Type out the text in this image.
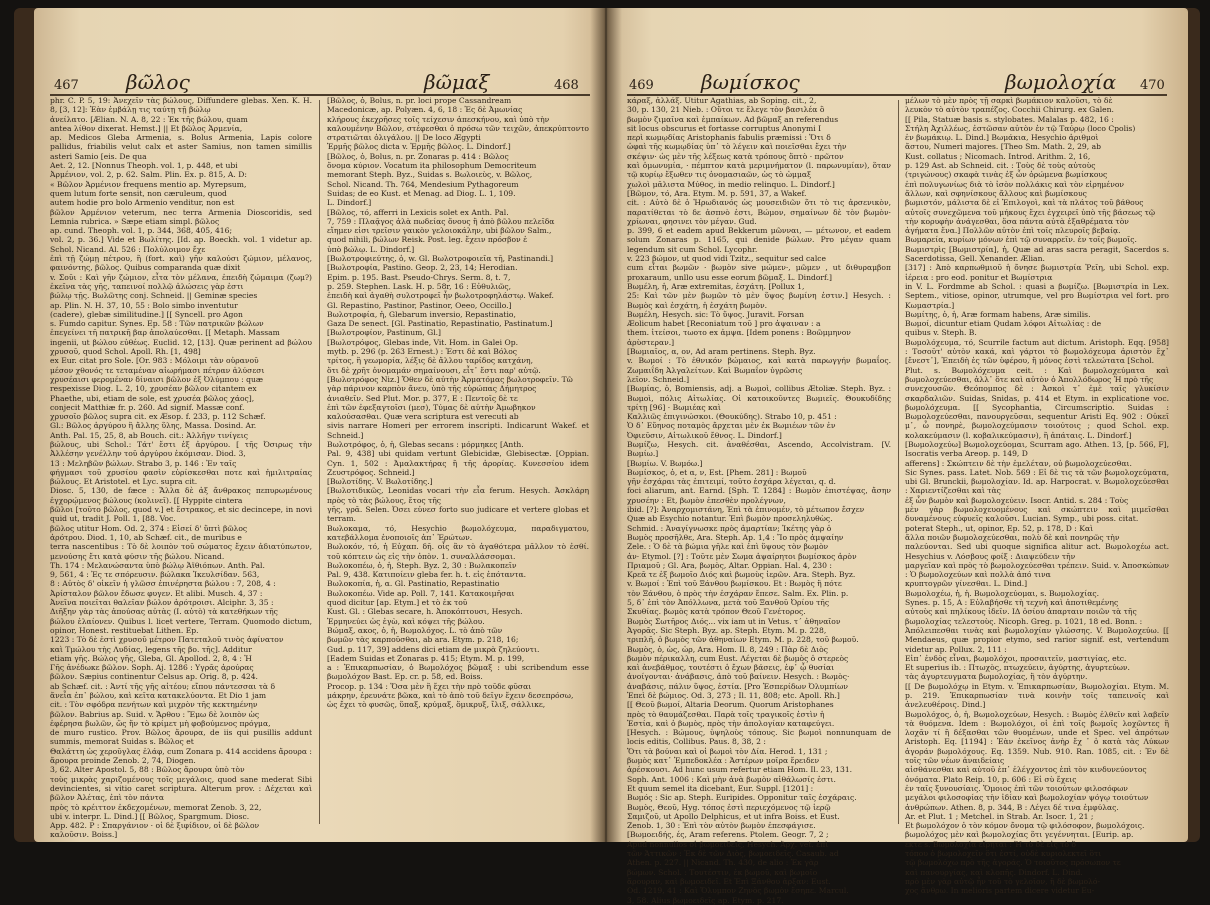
467 βῶλος	βῶμαξ	468
phr. C. P. 5, 19: Ἀνεχεῖν τὰς βώλους, Diffundere glebas. Xen. K. H. 8, [3, 12]: Ἐὰν ἐμβάλῃ τις ταύτῃ τῇ βώλῳ
ἀνείλατο. [Ælian. N. A. 8, 22 : Ἐκ τῆς βώλου, quam
antea λίθον dixerat. Hemst.] || Et βῶλος Ἀρμενία,
ap. Medicos Gleba Armenia, s. Bolus Armenia, Lapis colore pallidus, friabilis velut calx et aster Samius, non tamen simillis asteri Samio [eis. De qua
Aet. 2, 12. [Nonnus Theoph. vol. 1, p. 448, et ubi
Ἀρμένιον, vol. 2, p. 62. Salm. Plin. Ex. p. 815, A. D:
« Βῶλον Ἀρμένιον frequens mentio ap. Myrepsum,
quem lutum forte sensit, non cæruleum, quod
autem hodie pro bolo Armenio venditur, non est
βῶλον Ἀρμένιον veterum, nec terra Armenia Dioscoridis, sed Lemnia rubrica. » Sæpe etiam simpl. βῶλος
ap. cund. Theoph. vol. 1, p. 344, 368, 405, 416;
vol. 2, p. 36.] Vide et Βωλίτης. [Id. ap. Boeckh. vol. 1 videtur ap. Schol. Nicand. Al. 526 : Πολύλοιμον ἔχε
ἐπὶ τῇ ζώμῃ πέτρου, ἢ (fort. καὶ) γῆν καλούσι ζώμιον, μέλανος, φαινόντης, βῶλος. Quibus comparanda quæ dixit
v. Σοῦι : Καὶ γῆν ζώμιον, εἶτα τὸν μέλανα, ἐπειδὴ ζώμαιμα (ζωμ?) ἐκεῖνα τὰς γῆς, ταπεινοί πολλῷ ἀλώσεις γὰρ ἐστι
βώλῳ τῇς. Βωλῶτης conj. Schneid. || Geminæ species
ap. Plin. N. H. 37, 10, 55 : Bolo simbo inventutur
(cadere), glebæ similitudine.] [[ Syncell. pro Agon
s. Fumdo capitur. Synes. Ep. 58 : Τῶν πατρικῶν βώλων
ἐπεγείνει τῆ πατρικῆ βαρ ἀπολαύεσθαι. [[ Metaph. Massam
ingenii, ut βώλου εὐθέως. Euclid. 12, [13]. Quæ perinent ad βώλου χρυσοῦ, quod Schol. Apoll. Rh. [1, 498]
ex Eur. citat pro Sole. [Or. 983 : Μόλοιμι τὰν οὐρανοῦ
μέσον χθονός τε τεταμέναν αἰωρήμασι πέτραν ἁλύσεσι
χρυσέαισι φερομέναν δίναισι βῶλον ἐξ Ὀλύμπου : quæ
respexisse Diog. L. 2, 10, χρυσέαν βῶλον citantem ex
Phaethe, ubi, etiam de sole, est χρυσέα βῶλος χάος],
conjecit Matthiæ fr. p. 260. Ad signif. Massæ conf.
χρυσοῖο βῶλος supra cit. ex Æsop. f. 233, p. 112 Schæf.
Gl.: Βῶλος ἀργύρου ἢ ἄλλης ὕλης, Massa. Dosind. Ar.
Anth. Pal. 15, 25, 8, ab Bouch. cit.: Ἀλλῆγν τινίγεις
βώλους, ubi Schol.: Τάτ' ἔστι ἐξ ἀργύρου. [ τῆς Ὀσιρως τὴν Ἀλλέσην γενέλλην τοῦ ἀργύρου ἐκόμισαν. Diod. 3,
13 : Μεληβῶν βώλων. Strabo 3, p. 146 : Ἐν ταῖς
φήγμασι τοῦ χρυσίου φασὶν εὐρίσκεσθαι ποτε καὶ ἡμιλιτραίας βώλους. Et Aristotel. et Lyc. supra cit.
Diosc. 5, 130, de fæce : Ἄλλα δὲ ἀξ ἄνθρακος πεπυρωμένους ἐγχορῴμενος βώλους (κολινεῖ). [[ Hyppite cintera
βῶλοι [τοῦτο βῶλος, quod v.] et ἔστρακος, et sic decincepe, in novi quid ut, tradit J. Poll. 1, [88. Voc.
βῶλος utitur Hom. Od. 2, 374 : Εἰσεί δ' ὕπτὶ βῶλος
ἀρότρου. Diod. 1, 10, ab Schæf. cit., de muribus e
terra nascentibus : Τὸ δὲ λοιπὸν τοῦ σώματος ἔχειν ἀδιατύπωτον, μενούσης ἔτι κατὰ φύσιν τῆς βώλου. Nicand.
Th. 174 : Μελανώσαντα ὑπὸ βώλῳ Ἀϊθιόπων. Anth. Pal.
9, 561, 4 : Ἐς τε σπόρευσιν. βώλακα Ἱκευλσίδαν. 563,
8 : Αὐτὸς δ' οἰκεῖν ἡ γλῶσσ ἐπινέρηστα βώλου : 7, 208, 4 :
Ἀρίσταλον βῶλον ἔδωσε φυγεν. Et alibi. Musch. 4, 37 :
Ἀνεῖνα ποιεῖται θαλεῖαν βώλον ἀρότροισι. Alciphr. 3, 35 :
Διῆξην γὰρ τὰς ἀπούσας αὐτὰς (I. αὐτὸ) τὰ κατεθήκων τῆς
βώλου ἐλαίονεν. Quibus l. licet vertere, Terram. Quomodo dictum, opinor, Honest. restituebat Lithen. Ep.
1223 : Τὸ δὲ ἐστὶ χρυσοῦ μέτρον Πατεταλοῦ τινὸς ἀφίνατον
καὶ Τμώλου τὴς Λυδίας, legens τῆς βο. τῆς]. Additur
etiam γῆς. Βώλος γῆς, Gleba, Gl. Apollod. 2, 8, 4 : Ἡ
Γῆς ἀνέδωκε βῶλον. Soph. Aj. 1286 : Υγρᾶς ἀρούρας
βῶλον. Sæpius continentur Celsus ap. Orig. 8, p. 424.
ab Schæf. cit. : Ἀντί τῆς γῆς αἰτέου; εἴπου πάντεσσαι τὰ δ
ἄνεἶα ἐπ᾿ βώλου, καὶ κεῖτα κατακελύοντα. Et Dio 1 jam
cit. : Τὸν σφόδρα πενήτων καὶ μιχρὸν τῆς κεκτημένην
βῶλον. Babrius ap. Suid. v. Ἄρθου : Ἔμω δὲ λοιπὸν ὡς
ἐφέρησα βωλῶν, ὥς ἤν τὸ κρίμετ μὴ φοβούμενος πρόγμα,
de muro rustico. Prov. Βῶλος ἄρουρα, de iis qui pusillis addunt summis, memorat Suidas s. Βῶλος et
Θαλάττη ὡς χεροῦγλας ἐλάφ, cum Zonara p. 414 accidens ἄρουρα : ἄρουρα proinde Zenob. 2, 74, Diogen.
3, 62. Alter Apostol. 5, 88 : Βῶλος ἄρουρα ὑπὸ τὸν
τοὺς μικρὰς χαριζομένους τοῖς μεγάλοις, quod sane mederat Sibi devincientes, si vitio caret scriptura. Alterum prov. : Δέχεται καὶ βῶλον Ἀλέτας, ἐπὶ τὸν πάντα
πρὸς τὸ κρέιττον ἐκδεχομένων, memorat Zenob. 3, 22,
ubi v. interpr. L. Dind.] [[ Βῶλος, Spargmum. Diosc.
App. 482. P : Σπαργάνιον · οἱ δὲ ξιφίδιον, οἱ δὲ βῶλον
καλοῦσιν. Boiss.]
[Βῶλος, ὁ, Bolus, n. pr. loci prope Cassandream
Macedonicæ, ap. Polyæn. 4, 6, 18 : Ἐς δὲ Ἀμωνίας
κλήρους ἐκεχρῆσες τοῖς τείχεσιν ἀπεσκήνου, καὶ ὑπὸ τὴν
καλουμένην Βῶλον, στέφεσθαι ὁ πρόσω τῶν τειχῶν, ἀπεκρύπτοντο στρατιῶται ὀλιγάλου. || De loco Ægypti
Ἑρμῆς βῶλος dicta v. Ἑρμῆς βῶλος. L. Dindorf.]
[Βῶλος, ὁ, Bolus, n. pr. Zonaras p. 414 : Βῶλος
ὄνομα κύριον. Vocatum ita philosophum Democriteum
memorant Steph. Byz., Suidas s. Βωλοιεὺς, v. Βῶλος,
Schol. Nicand. Th. 764, Mendesium Pythagoreum
Suidas; de eo Kust. et Menag. ad Diog. L. 1, 109.
L. Dindorf.]
[Βῶλος, τό, afferri in Lexicis solet ex Anth. Pal.
7, 759 : Πλαᾷγος ἀλὰ πωδείας ὄνους ἢ ἀπὸ βῶλου πελεῖδα
εἴημεν εἰσι τρεῖσιν γαικὸν γελοιοκάλην, ubi βῶλον Salm.,
quod nihili, βώλων Reisk. Post. leg. ἔχειν πρόσβον ἐ
ὑπὸ βώλῳ. L. Dindorf.]
[Βωλοτροφιεύτης, ὁ, w. Gl. Βωλοτροφοιεῖα τῆ, Pastinandi.]
[Βωλοτροφία, Pastino. Geop. 2, 23, 14; Herodian.
Epim. p. 195. Bast. Pseudo-Chrys. Serm. 8, t. 7,
p. 259. Stephen. Lask. H. p. 58r, 16 : Εὐθυλιῶς,
ἐπειδὴ καὶ ἀγαθὴ συλοτροφεῖ ἦν βωλοτροφηλάστῳ. Wakef.
Gl. Repastino, Pastinor, Pastinor, Oeeo, Occillo.]
Βωλοτροφία, ἡ, Glebarum inversio, Repastinatio,
Gaza De senect. [Gl. Pastinatio, Repastinatio, Pastinatum.]
[Βωλοτροφίον, Pastinum, Gl.]
[Βωλοτρόφος, Glebas inde, Vit. Hom. in Galei Op.
mytb. p. 296 (p. 263 Ernest.) : Ἐστι δὲ καὶ Βόλος
τρίτος, ἢ γεωμορία, λέξις δὲ ἄλλου ταρίδος κατχάνη,
ὅτι δὲ χρῆτ ὀνομαμάν σημαίνουσι, εἶτ᾿ ἔστι παρ' αὐτῷ.
[Βωλοτρόφος Niz.] Ὅθεν δὲ αὐτὴν Ἀρματόμας βωλοτροφεῖν. Τῶ
γὰρ πάρινον καρπὸν ἄνευ, ὑπὸ τῆς εὐρώπας Δήμητρος
ἀνιαθεῖν. Sed Plut. Mor. p. 377, E : Πεντοῖς δὲ τε
ἐπὶ τῶν ἐφεξαγτοῖσι (μεσ), Τύμας δὲ αὐτὴν Ἀμωβηκον
καλούσασθαι. Quæ vera scriptura est verecuti ab
sivis narrare Homeri per errorem inscripti. Indicarunt Wakef. et Schneid.]
Βωλοτρόφος, ὁ, ἡ, Glebas secans : μόρμηκες [Anth.
Pal. 9, 438] ubi quidam vertunt Glebicidæ, Glebisectæ. [Oppian. Cyn. 1, 502 : Ἀμαλακτήρας ἢ τῆς ἀρορίας. Κυνεσσίου idem Ζευστρόφος. Schneid.]
[Βωλοτίδης. V. Βωλοτίδης.]
[Βωλοτιδικῶς, Leonidas vocari τὴν εἶα ferum. Hesych. Ἀσκλάρη πρὸς τὸ τὰς βώλους, ἔτος τῆς
γῆς, γρᾶ. Selen. Ὀσει εὐνεσ forto suo judicare et vertere globas et terram.
Βωλοκαμα, τό, Hesychio βωμολόχευμα, παραδιγματου, κατεβάλλομα ἐνοποιοῖς ἀπ᾿ Ἐρώτων.
Βωλοκόν, τό, ἡ Εὐχαπ. δῆ. οἷς ἂν τὸ ἀγαθότερα μᾶλλον τὸ ἐσθί. τοῦ κόπτειν ὡς εἰς τὴν ὁπὸν. 1. συναλλάσσομαι.
Βωλοκοπέω, ὁ, ἡ, Steph. Byz. 2, 30 : Βωλακοπεῖν
Pal. 9, 438. Κατιποίειν gleba fer. h. t. εἰς ἐπόταντα.
Βωλοκοπία, ἡ, α. Gl. Pastinatio, Repastinatio
Βωλοκοπέω. Vide ap. Poll. 7, 141. Κατακοιμῆσαι
quod dicitur [ap. Etym.] et τὸ ἐκ τοῦ
Kust. Gl. : Glebas secare, h. Ἀποκόπτουσι, Hesych.
Ἐρμηνεύει ὡς ἐγὼ, καὶ κόψει τῆς βώλου.
Βώμαξ, ακος, ὁ, ἡ, Βωμολόχος. L. τὸ ἀπὸ τῶν
βωμῶν τὰς καρποῦσθαι, ab ara. Etym. p. 218, 16;
Gud. p. 117, 39] addens dici etiam de μικρὰ ζηλεύοντι.
[Eadem Suidas et Zonaras p. 415; Etym. M. p. 199,
a : Ἐπικαρπωσίαν, ὁ Βωμολόχος βῶμαξ : ubi scribendum esse βωμολόχον Bast. Ep. cr. p. 58, ed. Boiss.
Procop. p. 134 : Ὅσα μὲν ἢ ἔχει τὴν πρὸ τοῦδε φῦσαι
μάκρην, ἐρευνάτε βῶκα, καὶ τὸ ἀπὸ τοῦ δεῖγν ἔχειν δεσεπρόσω,
ὡς ἔχει τὸ φυσῶς, ὕπαξ, κρύμαξ, ὅμικρυξ, ἴλιξ, σάλλικε,
469 βωμίσκος	βωμολοχία 470
κάραξ, ἀλλάξ. Utitur Agathias, ab Soping. cit., 2,
30, p. 130, 21 Nieb. : Οὔτοι τε ἔλεγε τὸν βασιλέα ὃ
βωμὸν ζιμαῖνα καὶ ἐμπαίκων. Ad βῶμαξ an referendus
sit locus obscurus et fortasse corruptus Anonymi I
περὶ κωμῳδίας Aristophanis fabulis præmissi : Ὅτι δ
ὠφαὶ τῆς κωμῳδίας ὑπ᾿ τὸ λέγειν καὶ ποιεῖσθαι ἔχει τὴν
σκέψιν· ὡς μὲν τῆς λέξεως κατὰ τρόπους ὅπτὸ · πρῶτον
καὶ ὀμωνυμία, · πέμπτον κατὰ μεριμνήματον (l. παρωνυμίαν), ὅταν τῷ κυρίῳ ἔξωθεν τις ὀνομασιαῶν, ὡς τὸ ὡμμαξ
χωλοὶ μᾶλιστα Μύθος, in medio relinquo. L. Dindorf.]
[Βῶμον, τό, Ara. Etym. M. p. 591, 37, a Wakef.
cit. : Αὐτὸ δὲ ὁ Ἡρωδιανός ὡς μουσειδιῶν ὅτι τὸ τις ἀρσενικὸν, παρατίθεται τὸ δε ἀσπνὸ ἐστι, Βώμον, σημαίνων δὲ τὸν βωμὸν· χρίωναι, φησινει τὸν μέγαν. Gud.
p. 399, 6 et eadem apud Bekkerum μῶνναι, — μέτωνον, et eadem solum Zonaras p. 1165, qui denide βώλων. Pro μέγαν quam legendum sit cum Schol. Lycophr.
v. 223 βώμον, ut quod vidi Tzitz., sequitur sed calce
cum εἶται βωμῶν · βωμὸν sive μώμεν·, μῶμεν , ut διθυραμβοπ proxaraum, unllo usu esse eorum βῶμαξ. L. Dindorf.]
Βωμέλη, ἡ, Aræ extremitas, ἐσχάτη. [Pollux 1,
25: Καὶ τῶν μὲν βωμῶν τὸ μὲν ὕψος βωμίνη ἐστιν.] Hesych. : Βωμὸς καὶ ἐσχάτη, ἡ ἐσχάτη βωμὸν.
Βωμέλη, Hesych. sic: Τὸ ὕψος. Juravit. Forsan
Æolicum habet [Reconiatum τοῦ ] pro ἀψαιναν : a
them. ἰτείσοι, τωοτο ex ἀμψα. [Idem ponens : Βοῶμμηνον
ἀρὺστεραν.]
[Βωμιαῖος, α, ον, Ad aram pertinens. Steph. Byz.
v. Βωμοί : Τὸ ἐθνικόν βώμαιος, καὶ κατὰ παρωγγήν βωμαΐος. Ζωμαιΐδη Ἀλγαλείτων. Καὶ Βωμαΐον ὑγρῶσις
λεῖον. Schneid.]
[Βωμίας, ὁ, Bomiensis, adj. a Βωμοὶ, collibus Ætoliæ. Steph. Byz. : Βωμοὶ, πόλις Αἰτωλίας. Οἱ κατοικοῦντες Βωμιεῖς. Θουκυδίδης τρίτῃ [96] · Βωμιέας καὶ
Καλλιῶς ἐπιγινώσκοι. (Θουκύδης). Strabo 10, p. 451 :
Ὁ δ᾿ Εὔηνος ποταμὸς ἄρχεται μὲν ἐκ Βωμιέων τῶν ἐν
Ὀφιεῦσιν, Αἰτωλικοῦ ἔθνος. L. Dindorf.]
Βωμίζω, Hesych. cit. ἀναθέσθαι, Ascendo, Accolvistram. [V. Βωμίω.]
[Βωμίω. V. Βωμόω.]
Βωμίσκος, ὁ, et α, ν, Est. [Phem. 281] : Βωμοῦ
γῆν ἐσχάραι τὰς ἐπιτειμί, τοῦτο ἐσχάρα λέγεται, q. d.
foci aliarum, ant. Earnd. [Sph. T. 1284] : Βωμὸν ἐπιστέψας, ἄσην χρυσέην : Et, βωμὸν ἐπεσθὲν προλέγνων,
ibid. [?]: Ἀναρχομιστάνη, Ἐπὶ τὰ ἐπινομέν, τὸ μέτωπον ἔσχεν
Quæ ab Esychio notantur. Ἐπὶ βωμὸν προσεληλυθὼς.
Schmid. : Ἀναγίγνωσκε πρὸς ἀμαρτίαν; Ἱκέτης γὰρ ὁ
Βωμὸς προσῆλθε, Ara. Steph. Ap. 1,4 : Ἴο πρὸς ἀμψαίην
Zele. : Ὁ δὲ τὰ βώμια γῆλε καὶ ἐπὶ ὕψους τὸν βωμὸν
ἀν· Etymol. [?] : Τοῦτε μὲν Σωμα ἀψαίρητοι βωμίσκος ἀρὸν
Πριαμοῦ ; Gl. Ara, βωμὸς, Altar. Oppian. Hal. 4, 230 :
Κρεᾶ τε ἐξ βωμοῖο Διός καὶ βωμοὺς ἱερῶν. Ara. Steph. Byz.
v. Βωμοί : Ἐπὶ τοῦ Ξάνθου βωμίσκου. Et : Βωμὸς ἢ πότε
τὸν Ξάνθου, ὁ πρὸς τὴν ἐσχάραν ἔπεσε. Salm. Ex. Plin. p.
5, δ᾿ ἐπὶ τὸν Ἀπόλλωνα, μετὰ τοῦ Ξανθοῦ Ὀρίου τῆς
Σκυθίας. βωμὸς κατὰ τρόπον Θεοῦ Γενέτορος.
Βωμὸς Σωτῆρος Διός... vix iam ut in Vetus. τ΄ ἀθηναῖον
Ἀγορᾶς. Sic Steph. Byz. ap. Steph. Etym. M. p. 228,
τριπλῆ, ὁ βωμὸς τῶν ἀθηναίων Etym. M. p. 228, τοῦ βωμοῦ.
Βωμὸς, ὁ, ὡς, ὡρ, Ara. Hom. Il. 8, 249 : Πὰρ δὲ Διὸς
βωμὸν πέρικαλλη, cum Eust. Λέγεται δὲ βωμὸς ὁ στερεὸς
καὶ ἀνεβάθμος, τουτέστι ὁ ἔχων βάσεις, ἐφ᾿ ᾧ θυσίαι
ἀνοίγονται· ἀνάβασις, ἀπὸ τοῦ βαίνειν. Hesych. : Βωμὸς·
ἀναβάσις, πάλιν ὕψος, ἐστία. [Pro Ἑσπερίδων Ὀλυμπίων
Ἐπεὶ δὲ βώμιος. Od. 3, 273 ; Il. 11, 808; etc. Apoll. Rh.]
[[ Θεοῦ βωμοί, Altaria Deorum. Quorum Aristophanes
πρὸς τὸ θαυμάζεσθαι. Παρὰ τοῖς τραγικοῖς ἐστὶν ἡ
Ἑστία, καὶ ὁ βωμὸς, πρὸς τὴν ἀπολογίαν καταφεύγει.
[Hesych. : Βώμους, ὑψηλοὺς τόπους. Sic βωμοὶ nonnunquam de locis editis, Collibus. Paus. 8, 38, 2 :
Ὅτι τὰ βούναι καὶ οἱ βωμοὶ τὸν Δία. Herod. 1, 131 ;
βωμὸς κατ᾿ Ἐμπεδοκλέα : Ἀστέρων μοῖρα ἔρειδεν
ἀρέσκουσι. Ad hunc usum refertur etiam Hom. Il. 23, 131.
Soph. Ant. 1006 : Καὶ μὴν ἀνὰ βωμὸν αἰθάλωσίς ἐστι.
Et quum semel ita dicebant, Eur. Suppl. [1201] :
Βωμός : Sic ap. Steph. Euripides. Opponitur ταῖς ἐσχάραις.
Βωμὸς, Θεοῦ, Hyg. τόπος ἐστὶ περιεχόμενος τῷ ἱερῷ
Σαμιζοῦ, ut Apollo Delphicus, et ut infra Boiss. et Eust.
Zenob. 1, 30 : Ἐπὶ τὸν αὐτὸν βωμὸν ἐπεσφάγισε.
[Βωμοειδής, ές, Aram referens. Ptolem. Geogr. 7, 2 ;
Apud nonnullos οἱ βωμοειδεῖς, Hesych. Ἀρχ. vet. ἐπὶ
τῶν Ἀττικῶν : Ἐκ δὲ τῶν Διὸς, βωμοειδεῖς. Casaub. ad
Athen. p. 227. || Nicand. Th. 430, de alio : Ἐκ γὰρ
βώμων. Schol. : Τουτέστιν, ἐκ βωμοῦ, καὶ βωμοῖο
ἄρουραν, καὶ βωμοειδεῖ. Et Ἐπὶ Ξάνθου ἀρξαν: Eust.
Od. 1219, 41 : Καὶ Ὄλυμπον Ζηνὸς βωμὸν ἔσηπε. Marcul.
3, 58. Alius βωμοειδεῖς ap. Etym. p. 217.
μέλων τὸ μὲν πρὸς τῇ σαρκὶ βωμάκιον καλοῦσι, τὸ δὲ
λευκὸν τὸ αὐτὸν τραπέζος. Cocchii Chirurg. ex Galen.
[[ Pila, Statuæ basis s. stylobates. Malalas p. 482, 16 :
Στήλη Ἀχιλλέως, ἐστῶσαν αὐτὸν ἐν τῷ Ταύρῳ (loco Cpolis)
ἐν βωμάκιῳ. L. Dind.] Βωμάκια, Hesychio ἀριθμοὶ
ἄστου, Numeri majores. [Theo Sm. Math. 2, 29, ab
Kust. collatus ; Nicomach. Introd. Arithm. 2, 16,
p. 129 Ast. ab Schneid. cit. : Τοὺς δὲ τοὺς αὐτοὺς
(τριγώνους) σκαφὰ τινὰς ἐξ ὧν ὁρώμενα βωμίσκους
ἐπὶ πολυγωνίως διὰ τὸ ἰσὸν πολλάκις καὶ τὸν εἰρημένον
ἄλλων, καὶ σφηνίσκους ἄλλους καὶ βωμίσκους
βωμιστόν, μάλιστα δὲ εἰ Ἐπιλογοὶ, καὶ τὰ πλάτος τοῦ βάθους
αὐτοῖς συνεχῶμενα τοῦ μήκους ἔχει ἐγχειρεῖ ὑπὸ τῆς βάσεως τῷ
τὴν κορυφὴν ἀνάγεσθαι, ὅσα πάντα αὐτὰ ἐξαθρέματα τὸν
ἀγήματα ἕνα.] Πολλῶν αὐτὸν ἐπὶ τοῖς πλευροῖς βεβαίᾳ.
Βωμαρεία, κυρίων μόνων ἐπὶ τῷ συναρρεῖν. ἐν τοῖς βωμοῖς.
Βωμιστρὶς [Βωμιστρία], ἡ, Quæ ad aras sacra peragit, Sacerdos s. Sacerdotissa, Gell. Xenander. Ælian.
[317] : Ἀπὸ καρπωθμιοῦ ἡ ὄνησε βωμιστρία Ῥεῖη, ubi Schol. exp. ἱέρεια : pro eod. ponitur et Βωμίστρια
in V. L. Fordmme ab Schol. : quasi a βωμίζω. [Βωμιστρία in Lex. Septem., vitiose, opinor, utrumque, vel pro Βωμίστρια vel fort. pro Κωμαστρία.]
Βωμίτης, ὁ, ἡ, Aræ formam habens, Aræ similis.
Βωμοί, dicuntur etiam Qudam λόφοι Αἰτωλίας : de
quibus v. Steph. B.
Βωμολόχευμα, τό, Scurrile factum aut dictum. Aristoph. Eqq. [958] : Τοσοῦτ' αὐτὸν κακά, καὶ γάρτοι τὸ βωμολόχευμα ἀριστὸν ἔχ᾿ [ἔνεστ᾿], Ἐπειδὴ ἐς τῶν ὑφέρου, ἢ μόνος ἐστὶ τελεώτατα [Schol.
Plut. s. Βωμολόχευμα ceit. : Καὶ βωμολοχεύματα καὶ βωμολοχεύεσθαι, ἀλλ᾿ ὅτε καὶ αὐτὸν ὁ Ἀπολλόδωρος Ἡ πρὸ τῆς
συνεχουσῶν. Θεόπομπος δὲ : Ἀσκοὶ τ᾿ ἐμὲ ταῖς γλυκίσιν σκαρδαλιῶν. Suidas, Snidas, p. 414 et Etym. in explicatione voc. βωμολόχευμα. [[ Sycophantia, Circumscriptio. Suidas : Βωμολοχεύεσθαι, πανουργεῦσαι, sequentur Aristi Eq. 902 : Οὐκεῖ μ᾿, ὦ πονηρὲ, βωμολοχεύμασιν τοιούτοις ; quod Schol. exp. κολακεύμασιν (l. κοβαλικεύμασιν), ἢ ἀπάταις. L. Dindorf.]
[Βωμολοχεύω] Βωμολοχεύομαι, Scurram ago. Athen. 13, [p. 566, F], Isocratis verba Areop. p. 149, D
afferens] : Σκώπτειν δὲ τὴν ἐμελέταν, οὐ βωμολοχεύεσθαι.
Sic Synes. pass. Latet. Nob. 569 : Εἰ δὲ τις τὰ τῶν βωμολοχεύματα, ubi Gl. Brunckii, βωμολοχίαν. Id. ap. Harpocrat. v. Βωμολοχεύεσθαι : Χαριεντίζεσθαι καὶ τὰς
ἐξ ὧν βωμὸν καὶ βωμολοχεύειν. Isocr. Antid. s. 284 : Τοὺς
μὲν γὰρ βωμολοχευομένους καὶ σκώπτειν καὶ μιμεῖσθαι δυναμένους εὐφυεῖς καλοῦσι. Lucian. Symp., ubi poss. citat.
poterat Steph., ut, opinor, Ep. 52, p. 178, D : Καὶ
ἄλλα ποιῶν βωμολοχεύεσθαι, πολὺ δὲ καὶ πονηρῶς τὴν
παλεύονται. Sed ubi quoque significa alitur act. Βωμολοχέω act. Hesychius v. Λόσβους φοίξ : Διαψεύδειν τῆν
μαργεῖαν καὶ πρὸς τὸ βωμολοχεύεσθαι τρέπειν. Suid. v. Ἀποσκώπων : Ὁ βωμολοχεύων καὶ πολλὰ ἀπό τινα
κρυπτογρῶν γίνεσθαι. L. Dind.]
Βωμολοχέω, ἡ, ἡ. Βωμολοχεύομαι, s. Βωμολοχίας.
Synes. p. 15, A : Εὐλαβήσθε τὴ τεχνὴ καὶ ἀποτιθεμένης
αὐτοὺς καὶ πηλίκους ἰδεῖν. ΙΔ ὁσίου ἀπαρταιν ποιῶν τὰ τῆς
βωμολοχίας τελεστοὺς. Nicoph. Greg. p. 1021, 18 ed. Bonn. :
Ἀπόλειπεσθαι τινὰς καὶ βωμολοχίαν γλώσσης. V. Βωμολοχεύω. [[ Mendaeus, quæ propior etymo, sed rarior signif. est, vertendum videtur ap. Pollux. 2, 111 :
Εἰπ᾿ ἐνδὸς εἶναι, βωμολόχοι, προσαιτεῖν, μαστιγίας, etc.
Et superius ib. : Πτωχὸς, πτωχεύειν, ἀγύρτης, ἀγυρτεύων.
τὰς ἀγυρτευγματα βωμολοχίας, ἢ τὸν ἀγύρτην.
[[ De βωμολόχῳ in Etym. v. Ἐπικαρπωσίαν, Βωμολοχίαι. Etym. M. p. 219. Ἐπικαρπωσίαν τινὰ κοινὴν τοῖς ταπεινοῖς καὶ ἀνελευθέροις. Dind.]
Βωμολόχος, ὁ, ἡ, Βωμολοχεύων, Hesych. : Βωμὸς ἐλθεῖν καὶ λαβεῖν τὰ θυόμενα. Idem : Βωμολόχοι, οἱ ἐπὶ τοῖς βωμοῖς λοχῶντες ἢ λοχᾶν τί ἢ δέξασθαι τῶν θυομένων, unde et Spec. vel ἀπρότων Aristoph. Eq. [1194] : Ἐὰν ἐκεῖνος ἀνὴρ ἔχ ᾿ ὁ κατὰ τὰς Λύκων ἀγοράν βωμολόχους. Eq. 1359. Nub. 910. Ran. 1085, cit. : Ἐν δὲ τοῖς τῶν νέων ἀναιδείαις
αἰσθάνεσθαι καὶ αὐτοῦ ἐπ᾿ ἐλέγχοντος ἐπὶ τὸν κινδυνεύοντος
ὀνόματα. Plato Reip. 10, p. 606 : Εἰ σὺ ἔχεις
ἐν ταῖς ξυνουσίαις. Ὅμοιος ἐπὶ τῶν τοιούτων φιλοσόφων
μεγάλοι φιλοσοφίας τὴν ἰδίαν καὶ βωμολοχίαν ψόγῳ τοιούτων
ἀνθρώπων. Athen. 8, p. 344, B : Λέγει δέ τινα ἐμφύλας.
Ar. et Plut. 1 ; Metchel. in Strab. Ar. Isocr. 1, 21 ;
Et βωμολόχον ὁ τὸν κόμον ὄνομα τῷ φιλόσοφον, βωμολόχοις.
βωμολόχος μὲν καὶ βωμολοχίας ὅτι γεγέννηται. [Eurip. ap.
εκτε s. Βωμολοχία εἴρηται : Ἡ τὸ δὲ εἰς τὸ ὃ
τόπου ὁ βωμολοχεῖν ὅτι ἐστί, οὐδὲ κυριολεκτεῖ ὃτι
τῷ βωμολόχω πρὸ τῆς ἀγοράς. Ὁ τοιοῦτος πρόσωπον τε
καὶ πανουργίας, καὶ κλοπῆς. Dindorf. L. Dind.
πρὸ μὲν γὰρ αὐτῷ ἦν τοῦ τὸ γελοῖον, ἢ δὲ βωμολό-
χος ἄνθρω. In melioris partem dicere videtur Eu-
